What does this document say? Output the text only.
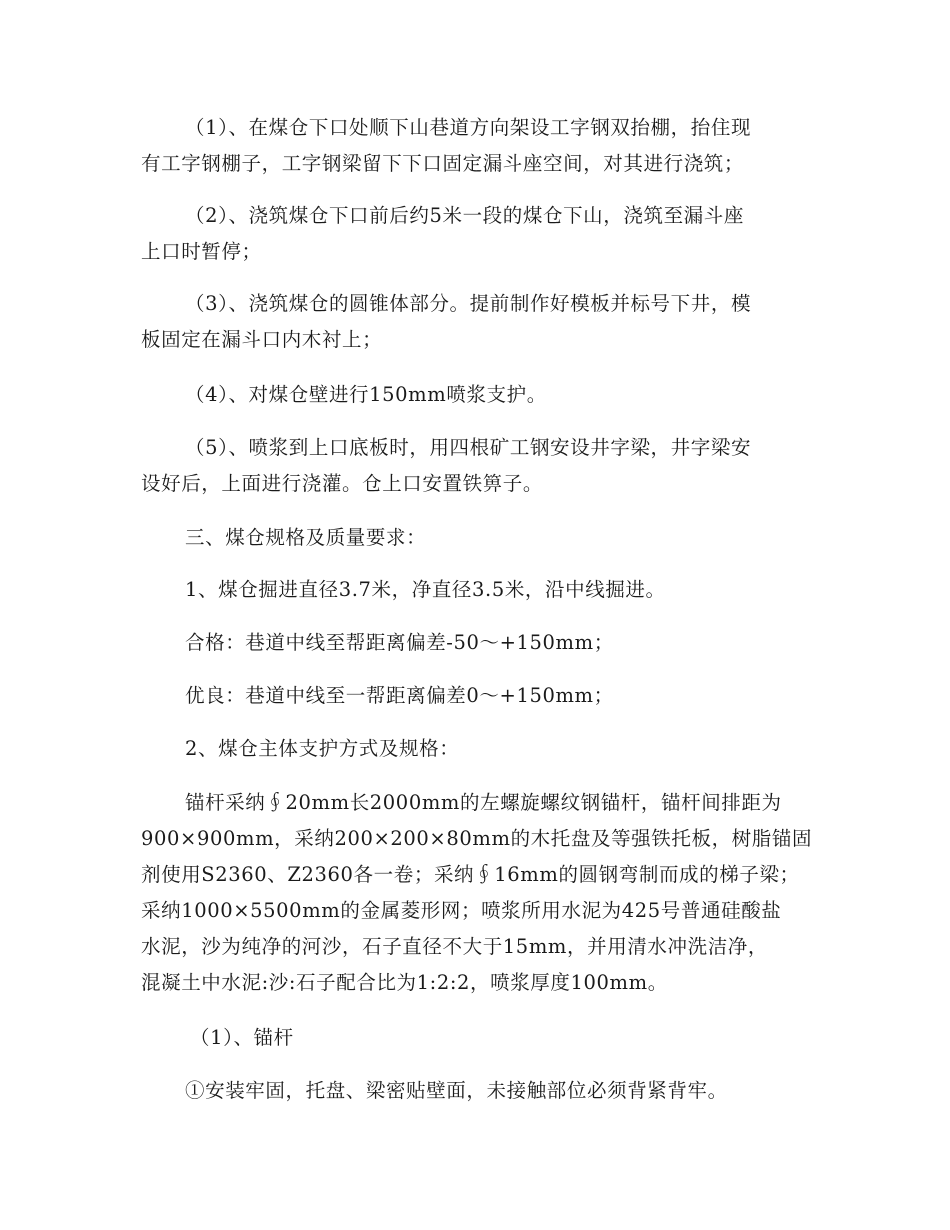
（1）、在煤仓下口处顺下山巷道方向架设工字钢双抬棚，抬住现
有工字钢棚子，工字钢梁留下下口固定漏斗座空间，对其进行浇筑；
（2）、浇筑煤仓下口前后约5米一段的煤仓下山，浇筑至漏斗座
上口时暂停；
（3）、浇筑煤仓的圆锥体部分。提前制作好模板并标号下井，模
板固定在漏斗口内木衬上；
（4）、对煤仓壁进行150mm喷浆支护。
（5）、喷浆到上口底板时，用四根矿工钢安设井字梁，井字梁安
设好后，上面进行浇灌。仓上口安置铁箅子。
三、煤仓规格及质量要求：
1、煤仓掘进直径3.7米，净直径3.5米，沿中线掘进。
合格：巷道中线至帮距离偏差-50～+150mm；
优良：巷道中线至一帮距离偏差0～+150mm；
2、煤仓主体支护方式及规格：
锚杆采纳∮20mm长2000mm的左螺旋螺纹钢锚杆，锚杆间排距为
900×900mm，采纳200×200×80mm的木托盘及等强铁托板，树脂锚固
剂使用S2360、Z2360各一卷；采纳∮16mm的圆钢弯制而成的梯子梁；
采纳1000×5500mm的金属菱形网；喷浆所用水泥为425号普通硅酸盐
水泥，沙为纯净的河沙，石子直径不大于15mm，并用清水冲洗洁净，
混凝土中水泥:沙:石子配合比为1:2:2，喷浆厚度100mm。
（1）、锚杆
①安装牢固，托盘、梁密贴壁面，未接触部位必须背紧背牢。
